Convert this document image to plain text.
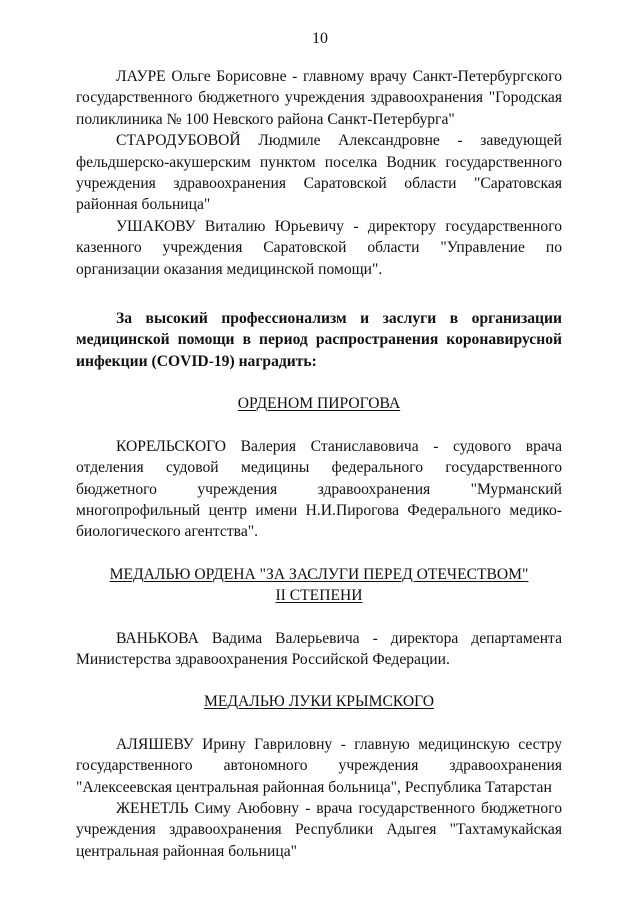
10

ЛАУРЕ Ольге Борисовне - главному врачу Санкт-Петербургского государственного бюджетного учреждения здравоохранения "Городская поликлиника № 100 Невского района Санкт-Петербурга"

СТАРОДУБОВОЙ Людмиле Александровне - заведующей фельдшерско-акушерским пунктом поселка Водник государственного учреждения здравоохранения Саратовской области "Саратовская районная больница"

УШАКОВУ Виталию Юрьевичу - директору государственного казенного учреждения Саратовской области "Управление по организации оказания медицинской помощи".

За высокий профессионализм и заслуги в организации медицинской помощи в период распространения коронавирусной инфекции (COVID-19) наградить:

ОРДЕНОМ ПИРОГОВА

КОРЕЛЬСКОГО Валерия Станиславовича - судового врача отделения судовой медицины федерального государственного бюджетного учреждения здравоохранения "Мурманский многопрофильный центр имени Н.И.Пирогова Федерального медико-биологического агентства".

МЕДАЛЬЮ ОРДЕНА "ЗА ЗАСЛУГИ ПЕРЕД ОТЕЧЕСТВОМ"
II СТЕПЕНИ

ВАНЬКОВА Вадима Валерьевича - директора департамента Министерства здравоохранения Российской Федерации.

МЕДАЛЬЮ ЛУКИ КРЫМСКОГО

АЛЯШЕВУ Ирину Гавриловну - главную медицинскую сестру государственного автономного учреждения здравоохранения "Алексеевская центральная районная больница", Республика Татарстан

ЖЕНЕТЛЬ Симу Аюбовну - врача государственного бюджетного учреждения здравоохранения Республики Адыгея "Тахтамукайская центральная районная больница"
